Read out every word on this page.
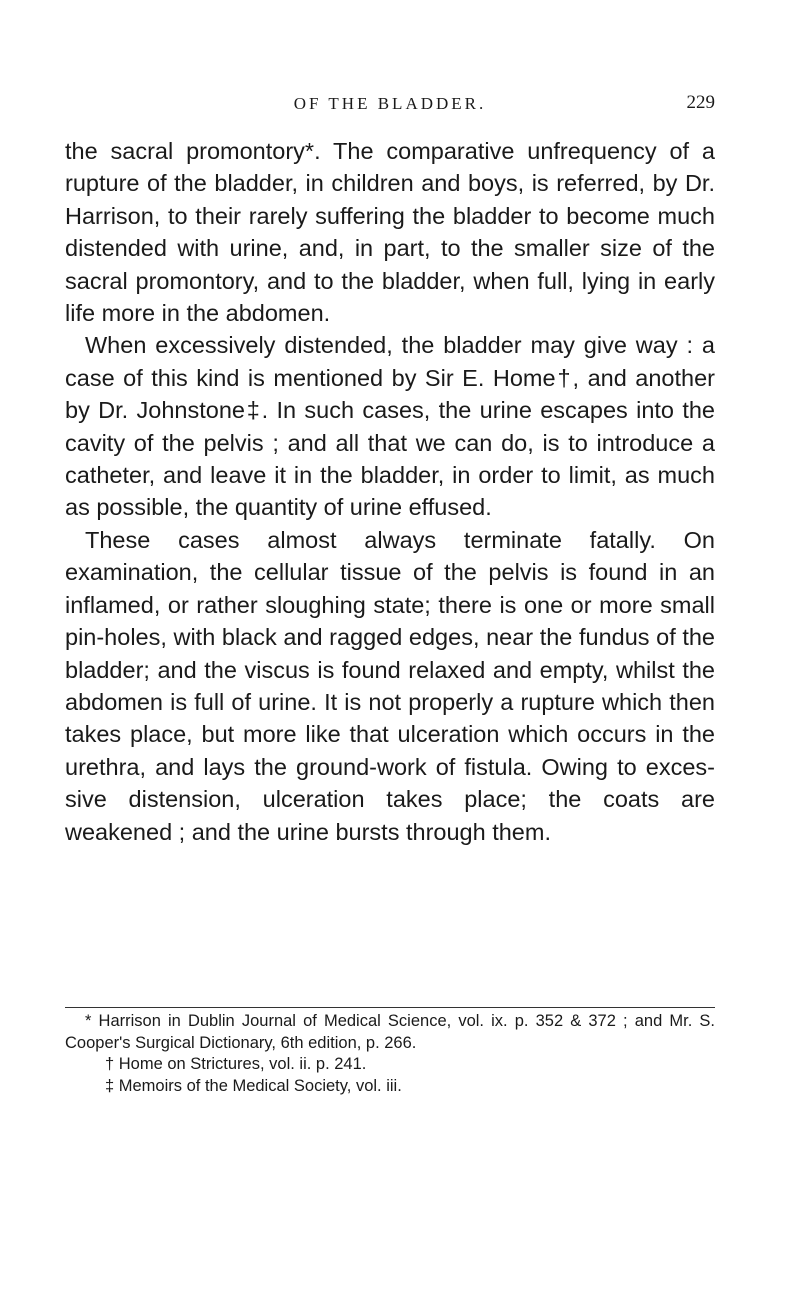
OF THE BLADDER.	229

the sacral promontory*. The comparative unfrequency of a rupture of the bladder, in children and boys, is referred, by Dr. Harrison, to their rarely suffering the bladder to become much distended with urine, and, in part, to the smaller size of the sacral promontory, and to the bladder, when full, lying in early life more in the abdomen.

When excessively distended, the bladder may give way : a case of this kind is mentioned by Sir E. Home†, and another by Dr. Johnstone‡. In such cases, the urine escapes into the cavity of the pelvis ; and all that we can do, is to introduce a catheter, and leave it in the bladder, in order to limit, as much as possible, the quantity of urine effused.

These cases almost always terminate fatally. On examination, the cellular tissue of the pelvis is found in an inflamed, or rather sloughing state; there is one or more small pin-holes, with black and ragged edges, near the fundus of the bladder; and the viscus is found relaxed and empty, whilst the abdomen is full of urine. It is not properly a rupture which then takes place, but more like that ulceration which occurs in the urethra, and lays the ground-work of fistula. Owing to excessive distension, ulceration takes place; the coats are weakened ; and the urine bursts through them.

* Harrison in Dublin Journal of Medical Science, vol. ix. p. 352 & 372 ; and Mr. S. Cooper's Surgical Dictionary, 6th edition, p. 266.

† Home on Strictures, vol. ii. p. 241.

‡ Memoirs of the Medical Society, vol. iii.
